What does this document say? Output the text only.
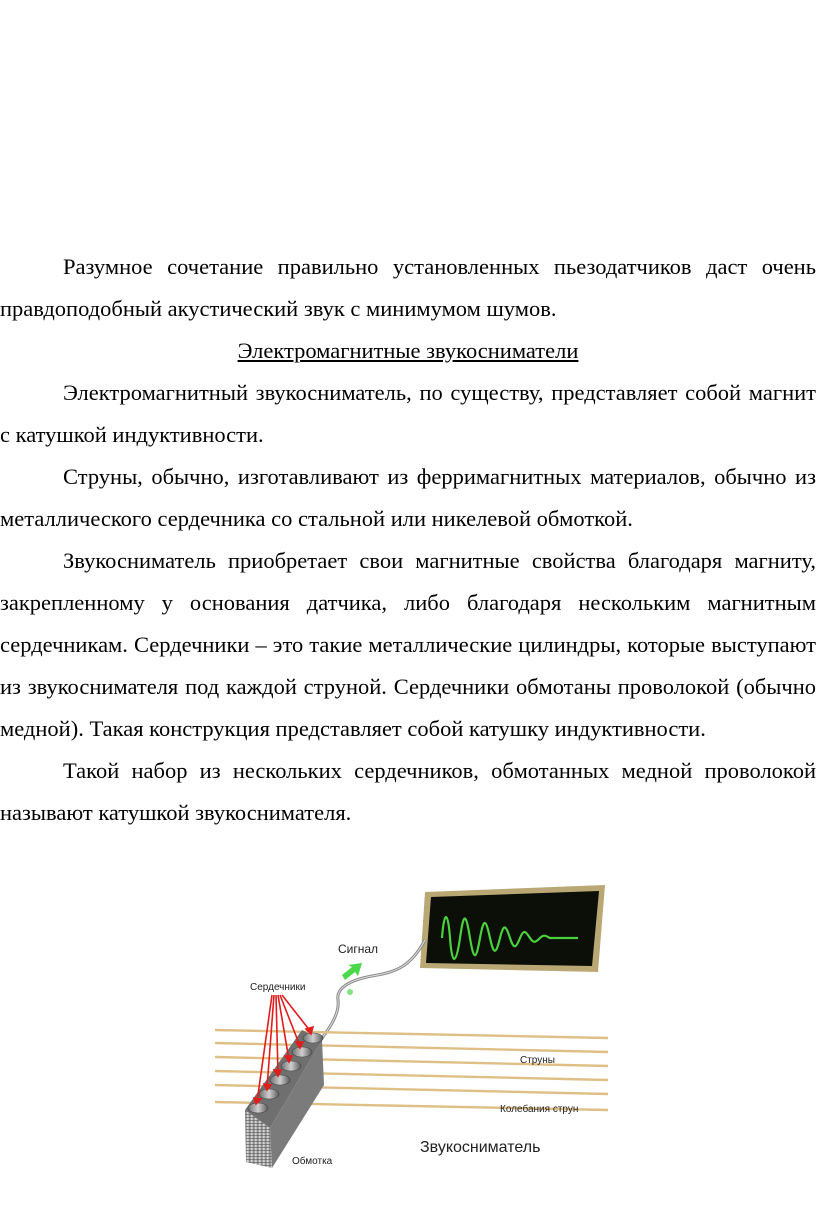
Разумное сочетание правильно установленных пьезодатчиков даст очень правдоподобный акустический звук с минимумом шумов.

Электромагнитные звукосниматели

Электромагнитный звукосниматель, по существу, представляет собой магнит с катушкой индуктивности.

Струны, обычно, изготавливают из ферримагнитных материалов, обычно из металлического сердечника со стальной или никелевой обмоткой.

Звукосниматель приобретает свои магнитные свойства благодаря магниту, закрепленному у основания датчика, либо благодаря нескольким магнитным сердечникам. Сердечники – это такие металлические цилиндры, которые выступают из звукоснимателя под каждой струной. Сердечники обмотаны проволокой (обычно медной). Такая конструкция представляет собой катушку индуктивности.

Такой набор из нескольких сердечников, обмотанных медной проволокой называют катушкой звукоснимателя.

Сигнал
Сердечники
Струны
Колебания струн
Обмотка
Звукосниматель
